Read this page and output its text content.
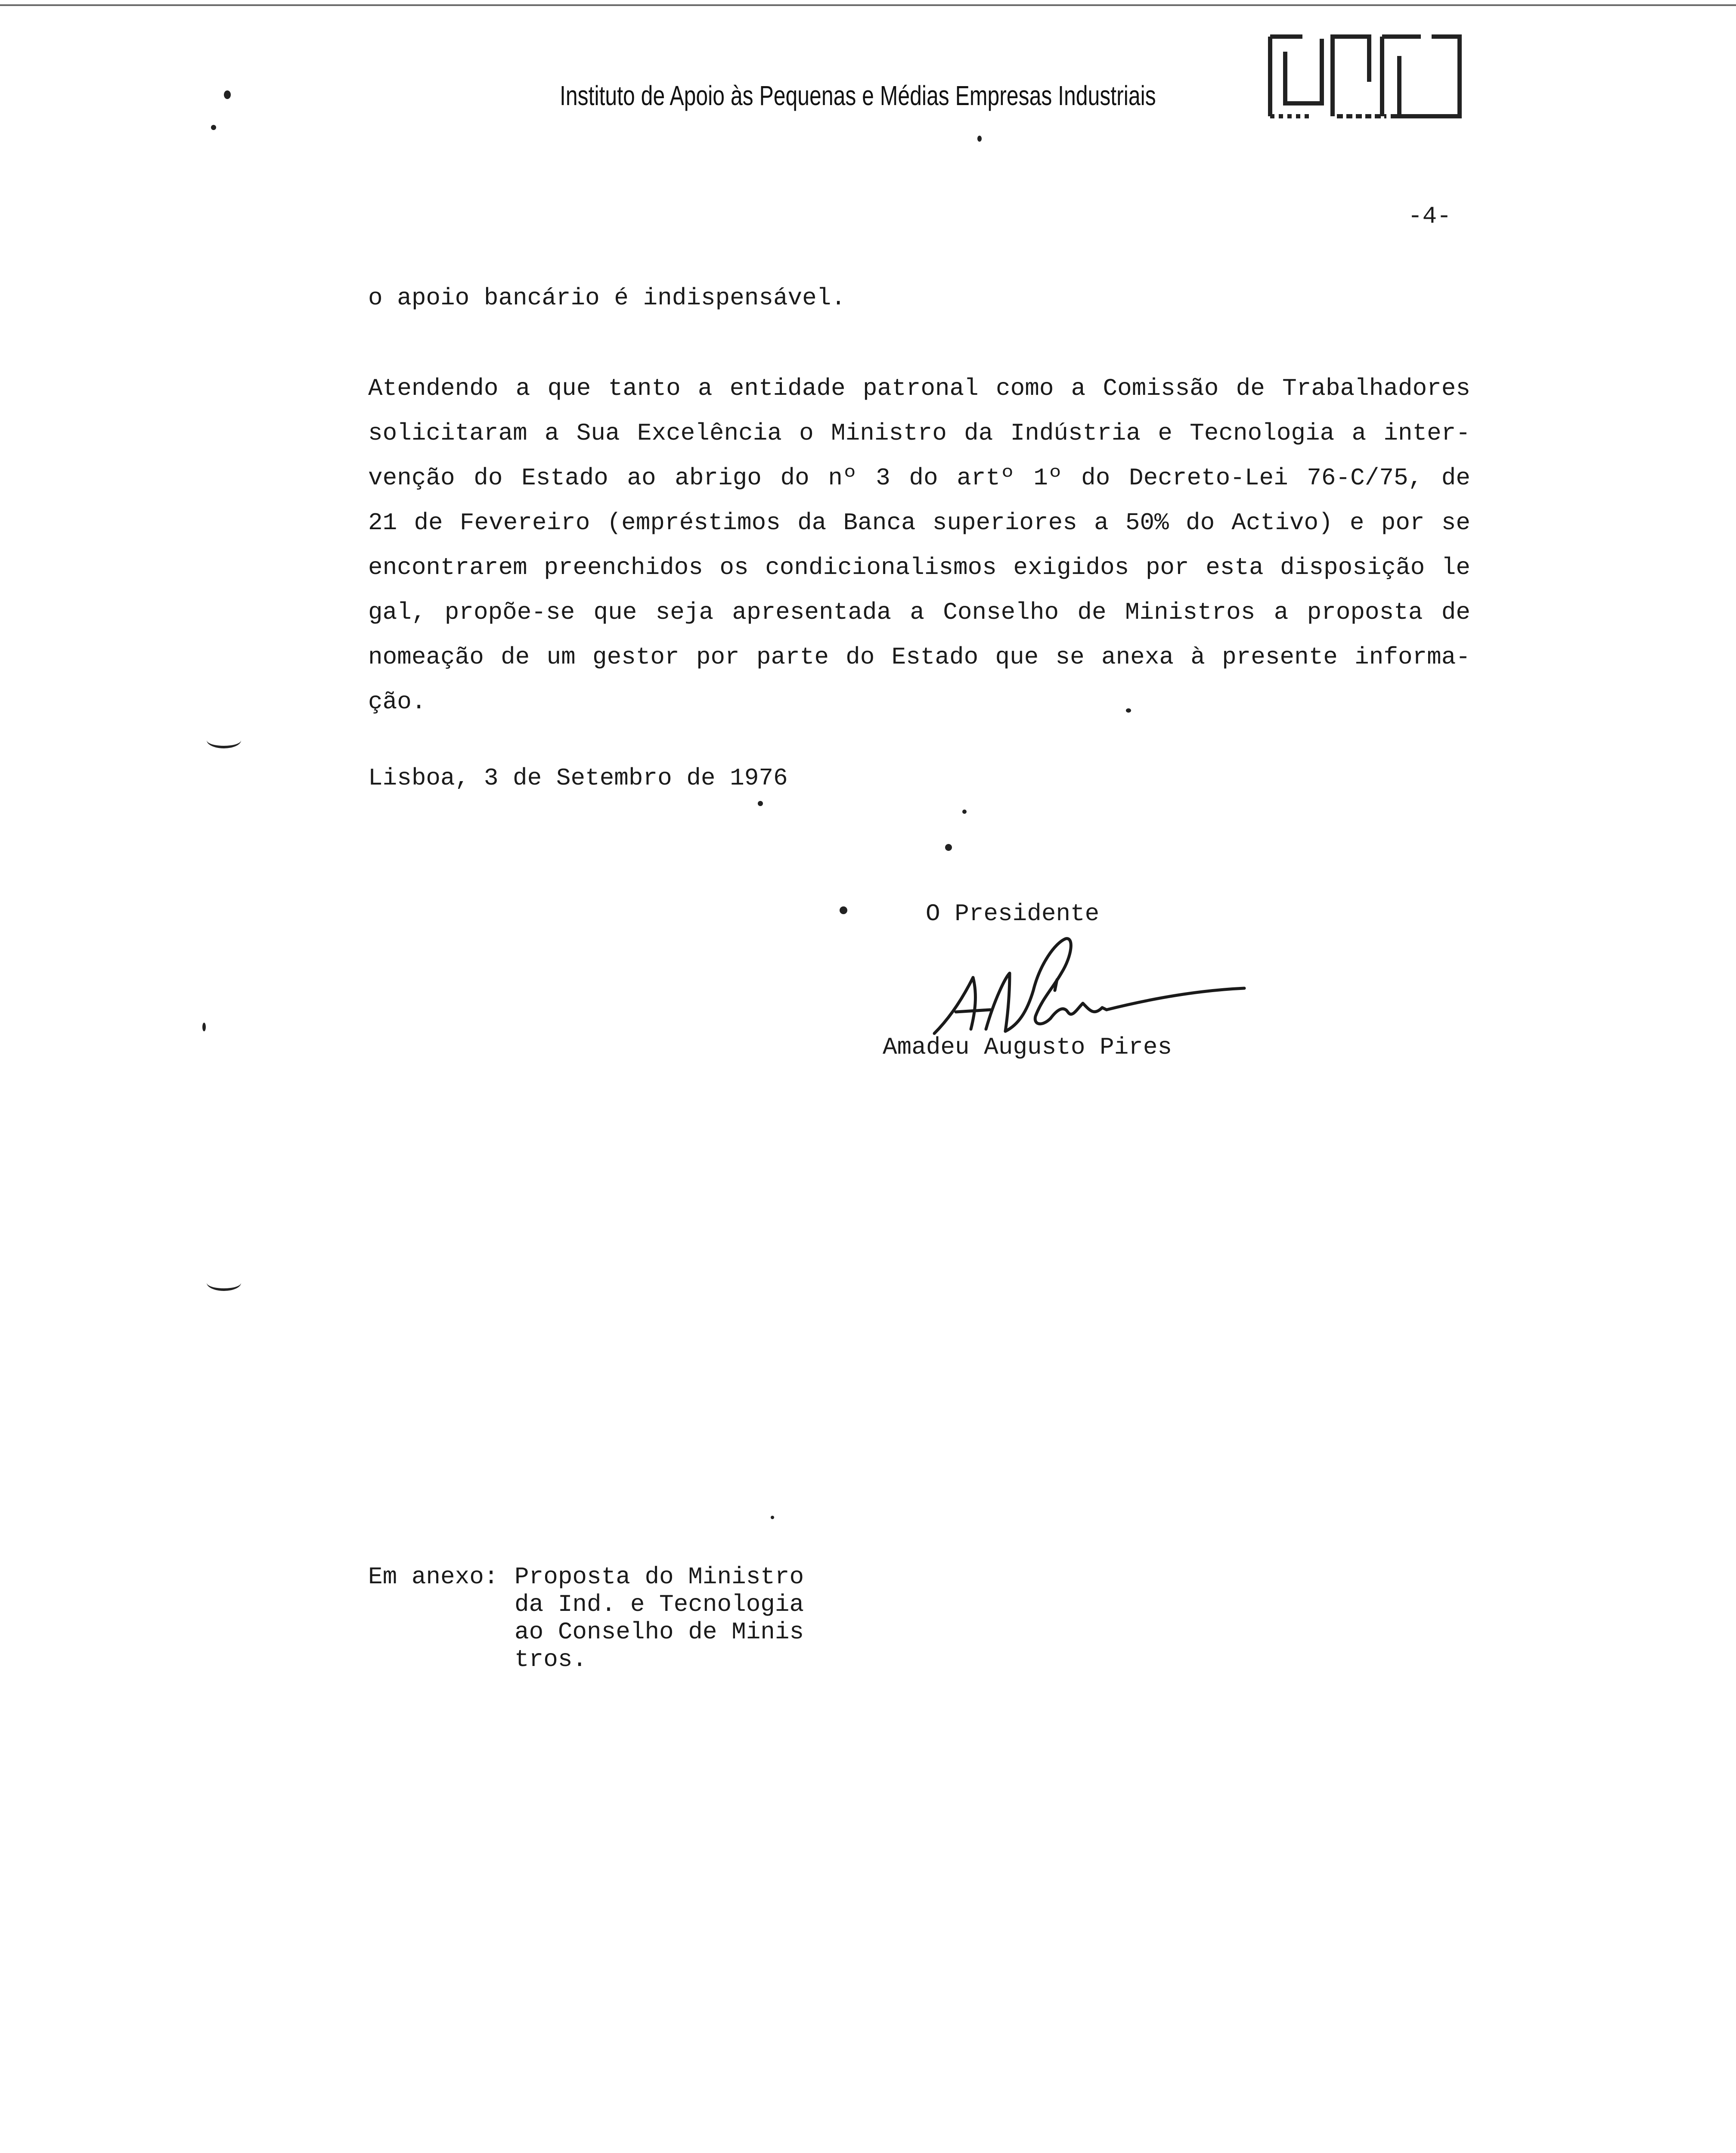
Instituto de Apoio às Pequenas e Médias Empresas Industriais
-4-
o apoio bancário é indispensável.
Atendendo a que tanto a entidade patronal como a Comissão de Trabalhadores
solicitaram a Sua Excelência o Ministro da Indústria e Tecnologia a inter-
venção do Estado ao abrigo do nº 3 do artº 1º do Decreto-Lei 76-C/75, de
21 de Fevereiro (empréstimos da Banca superiores a 50% do Activo) e por se
encontrarem preenchidos os condicionalismos exigidos por esta disposição le
gal, propõe-se que seja apresentada a Conselho de Ministros a proposta de
nomeação de um gestor por parte do Estado que se anexa à presente informa-
ção.
Lisboa, 3 de Setembro de 1976
O Presidente
Amadeu Augusto Pires
Em anexo: Proposta do Ministro
da Ind. e Tecnologia
ao Conselho de Minis
tros.
